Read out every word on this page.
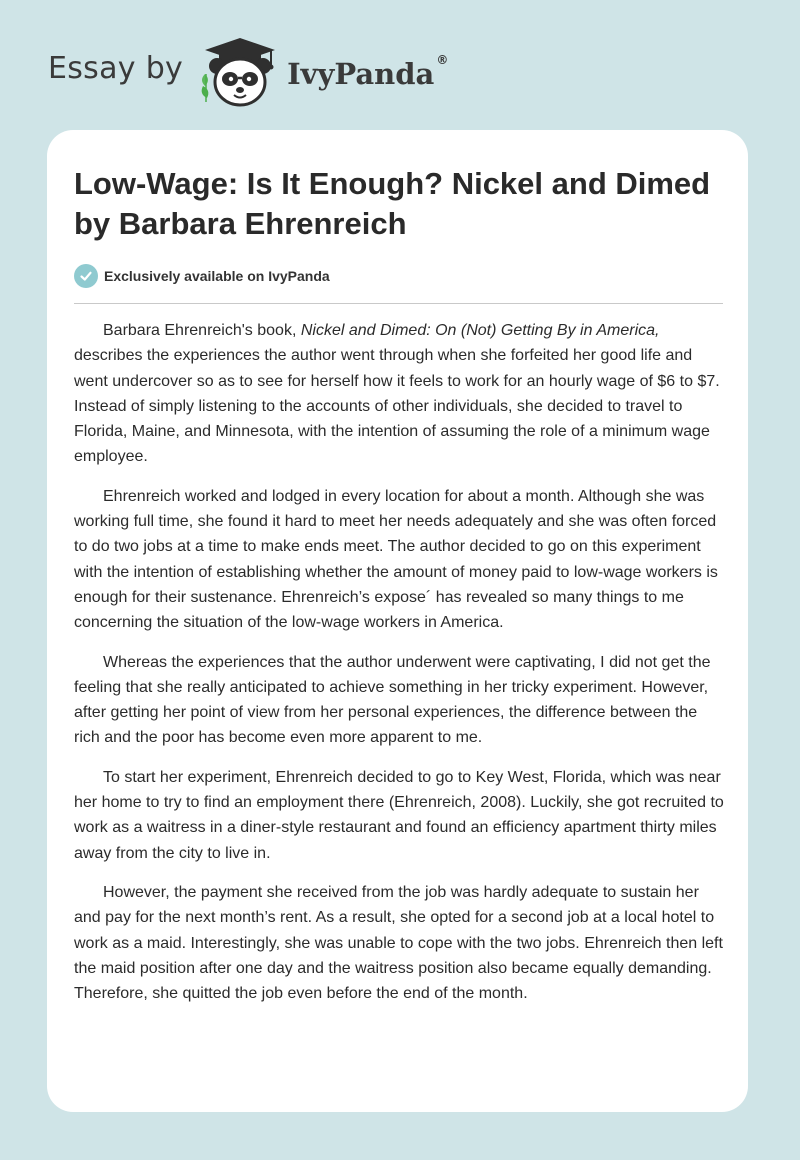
Essay by	IvyPanda ®
Low-Wage: Is It Enough? Nickel and Dimed by Barbara Ehrenreich
Exclusively available on IvyPanda

Barbara Ehrenreich's book, Nickel and Dimed: On (Not) Getting By in America, describes the experiences the author went through when she forfeited her good life and went undercover so as to see for herself how it feels to work for an hourly wage of $6 to $7. Instead of simply listening to the accounts of other individuals, she decided to travel to Florida, Maine, and Minnesota, with the intention of assuming the role of a minimum wage employee.

Ehrenreich worked and lodged in every location for about a month. Although she was working full time, she found it hard to meet her needs adequately and she was often forced to do two jobs at a time to make ends meet. The author decided to go on this experiment with the intention of establishing whether the amount of money paid to low-wage workers is enough for their sustenance. Ehrenreich’s expose´ has revealed so many things to me concerning the situation of the low-wage workers in America.

Whereas the experiences that the author underwent were captivating, I did not get the feeling that she really anticipated to achieve something in her tricky experiment. However, after getting her point of view from her personal experiences, the difference between the rich and the poor has become even more apparent to me.

To start her experiment, Ehrenreich decided to go to Key West, Florida, which was near her home to try to find an employment there (Ehrenreich, 2008). Luckily, she got recruited to work as a waitress in a diner-style restaurant and found an efficiency apartment thirty miles away from the city to live in.

However, the payment she received from the job was hardly adequate to sustain her and pay for the next month’s rent. As a result, she opted for a second job at a local hotel to work as a maid. Interestingly, she was unable to cope with the two jobs. Ehrenreich then left the maid position after one day and the waitress position also became equally demanding. Therefore, she quitted the job even before the end of the month.
